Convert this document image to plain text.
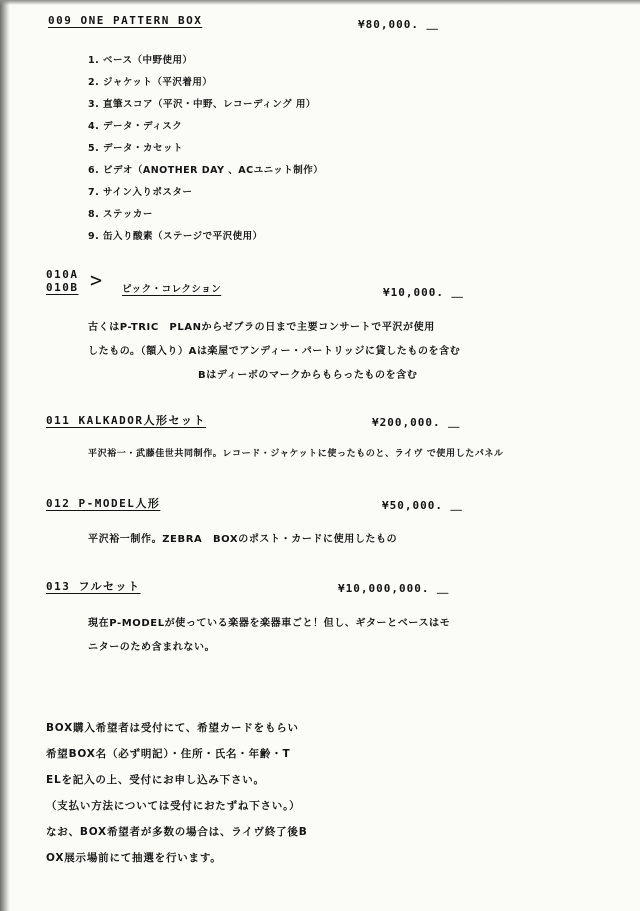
009 ONE PATTERN BOX	¥80,000. ＿
1. ベース（中野使用）
2. ジャケット（平沢着用）
3. 直筆スコア（平沢・中野、レコーディング 用）
4. データ・ディスク
5. データ・カセット
6. ビデオ（ANOTHER DAY 、ACユニット制作）
7. サイン入りポスター
8. ステッカー
9. 缶入り酸素（ステージで平沢使用）
010A
010B > ピック・コレクション	¥10,000. ＿
古くはP-TRIC　PLANからゼブラの日まで主要コンサートで平沢が使用
したもの。（額入り）Aは楽屋でアンディー・パートリッジに貸したものを含む
Bはディーボのマークからもらったものを含む
011 KALKADOR人形セット	¥200,000. ＿
平沢裕一・武藤佳世共同制作。レコード・ジャケットに使ったものと、ライヴ で使用したパネル
012 P-MODEL人形	¥50,000. ＿
平沢裕一制作。ZEBRA　BOXのポスト・カードに使用したもの
013 フルセット	¥10,000,000. ＿
現在P-MODELが使っている楽器を楽器車ごと！但し、ギターとベースはモ
ニターのため含まれない。
BOX購入希望者は受付にて、希望カードをもらい
希望BOX名（必ず明記）・住所・氏名・年齢・T
ELを記入の上、受付にお申し込み下さい。
（支払い方法については受付におたずね下さい。）
なお、BOX希望者が多数の場合は、ライヴ終了後B
OX展示場前にて抽選を行います。
